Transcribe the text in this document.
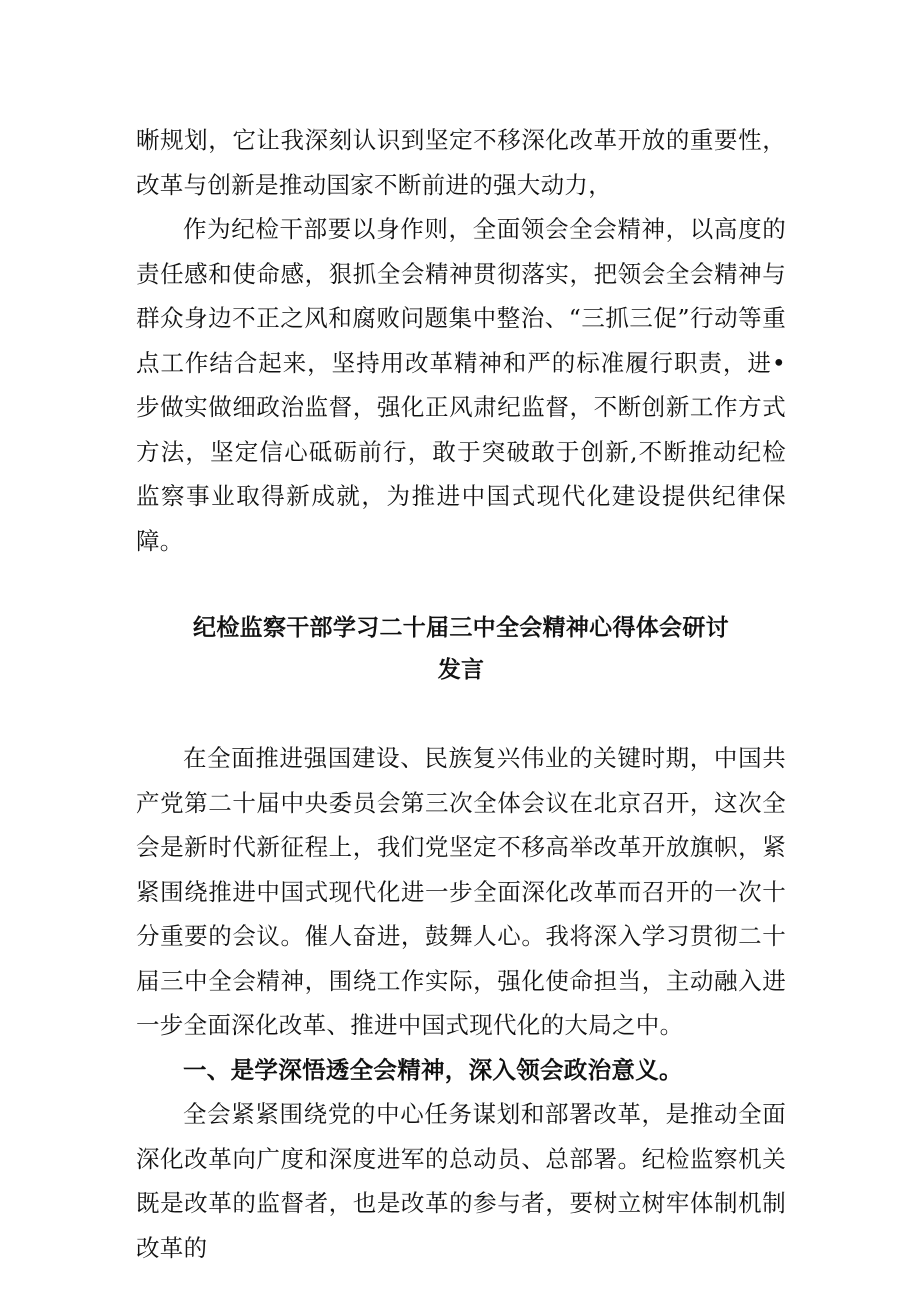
晰规划，它让我深刻认识到坚定不移深化改革开放的重要性，改革与创新是推动国家不断前进的强大动力，

作为纪检干部要以身作则，全面领会全会精神，以高度的责任感和使命感，狠抓全会精神贯彻落实，把领会全会精神与群众身边不正之风和腐败问题集中整治、“三抓三促”行动等重点工作结合起来，坚持用改革精神和严的标准履行职责，进•步做实做细政治监督，强化正风肃纪监督，不断创新工作方式方法，坚定信心砥砺前行，敢于突破敢于创新,不断推动纪检监察事业取得新成就，为推进中国式现代化建设提供纪律保障。

纪检监察干部学习二十届三中全会精神心得体会研讨
发言

在全面推进强国建设、民族复兴伟业的关键时期，中国共产党第二十届中央委员会第三次全体会议在北京召开，这次全会是新时代新征程上，我们党坚定不移高举改革开放旗帜，紧紧围绕推进中国式现代化进一步全面深化改革而召开的一次十分重要的会议。催人奋进，鼓舞人心。我将深入学习贯彻二十届三中全会精神，围绕工作实际，强化使命担当，主动融入进一步全面深化改革、推进中国式现代化的大局之中。

一、是学深悟透全会精神，深入领会政治意义。

全会紧紧围绕党的中心任务谋划和部署改革，是推动全面深化改革向广度和深度进军的总动员、总部署。纪检监察机关既是改革的监督者，也是改革的参与者，要树立树牢体制机制改革的
